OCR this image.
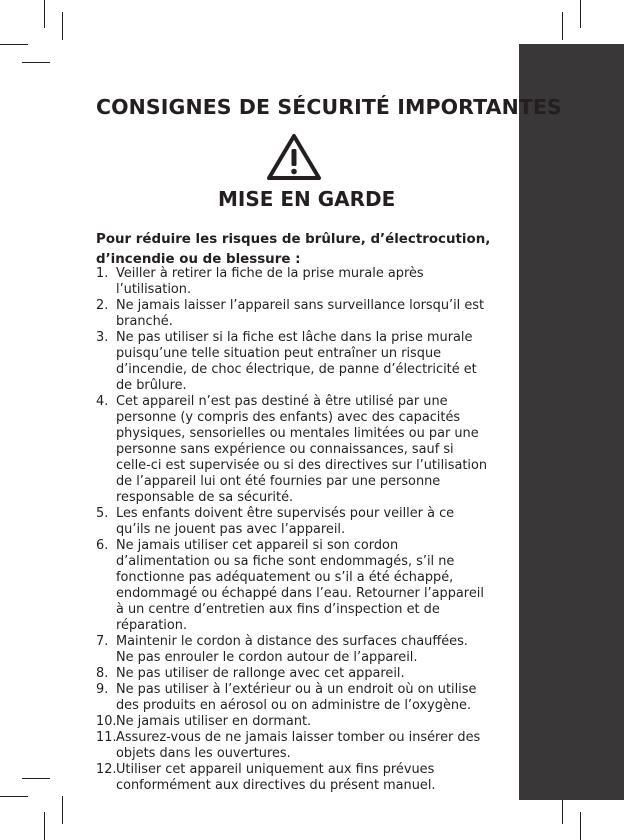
CONSIGNES DE SÉCURITÉ IMPORTANTES
MISE EN GARDE
Pour réduire les risques de brûlure, d’électrocution, d’incendie ou de blessure :
1. Veiller à retirer la fiche de la prise murale après l’utilisation.
2. Ne jamais laisser l’appareil sans surveillance lorsqu’il est branché.
3. Ne pas utiliser si la fiche est lâche dans la prise murale puisqu’une telle situation peut entraîner un risque d’incendie, de choc électrique, de panne d’électricité et de brûlure.
4. Cet appareil n’est pas destiné à être utilisé par une personne (y compris des enfants) avec des capacités physiques, sensorielles ou mentales limitées ou par une personne sans expérience ou connaissances, sauf si celle-ci est supervisée ou si des directives sur l’utilisation de l’appareil lui ont été fournies par une personne responsable de sa sécurité.
5. Les enfants doivent être supervisés pour veiller à ce qu’ils ne jouent pas avec l’appareil.
6. Ne jamais utiliser cet appareil si son cordon d’alimentation ou sa fiche sont endommagés, s’il ne fonctionne pas adéquatement ou s’il a été échappé, endommagé ou échappé dans l’eau. Retourner l’appareil à un centre d’entretien aux fins d’inspection et de réparation.
7. Maintenir le cordon à distance des surfaces chauffées. Ne pas enrouler le cordon autour de l’appareil.
8. Ne pas utiliser de rallonge avec cet appareil.
9. Ne pas utiliser à l’extérieur ou à un endroit où on utilise des produits en aérosol ou on administre de l’oxygène.
10. Ne jamais utiliser en dormant.
11. Assurez-vous de ne jamais laisser tomber ou insérer des objets dans les ouvertures.
12. Utiliser cet appareil uniquement aux fins prévues conformément aux directives du présent manuel.
